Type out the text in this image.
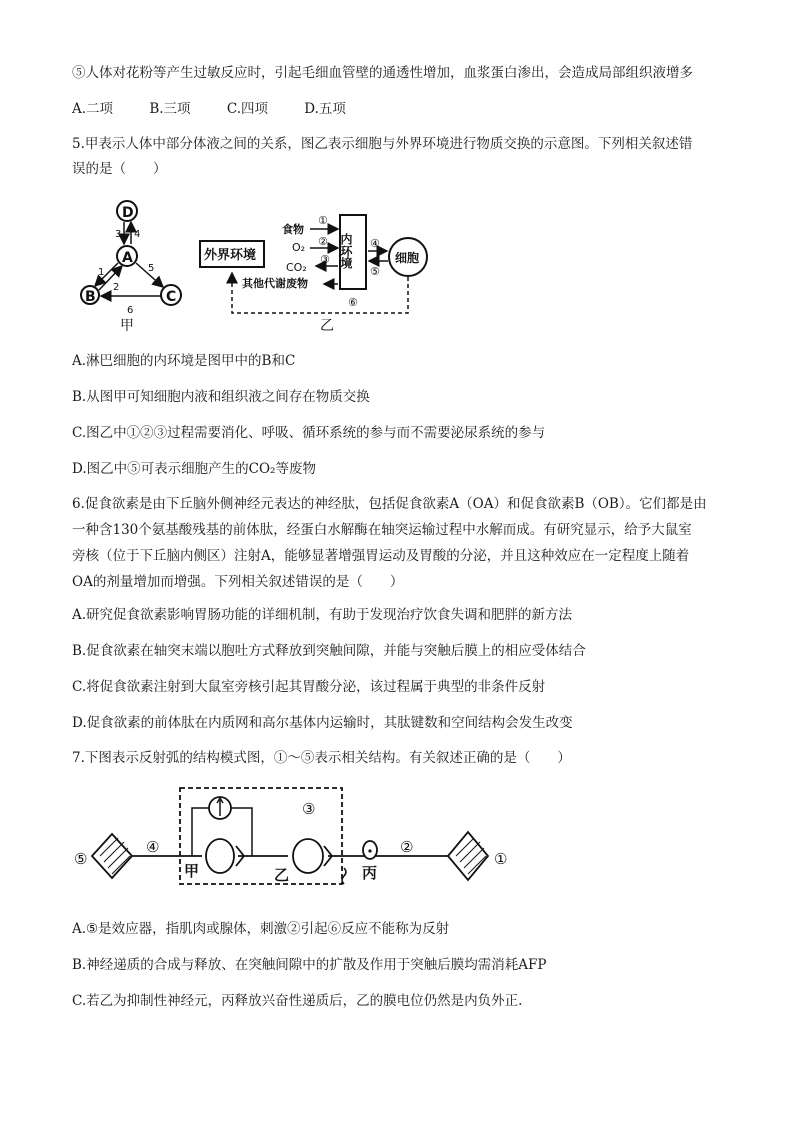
⑤人体对花粉等产生过敏反应时，引起毛细血管壁的通透性增加，血浆蛋白渗出，会造成局部组织液增多
A.二项	B.三项	C.四项	D.五项
5.甲表示人体中部分体液之间的关系，图乙表示细胞与外界环境进行物质交换的示意图。下列相关叙述错
误的是（　　）
D
A
B	C
3 4
1
2
5
6
甲
外界环境	内环境	细胞
食物
①
O₂ ②
CO₂
③
其他代谢废物
④
⑤
⑥
乙
A.淋巴细胞的内环境是图甲中的B和C
B.从图甲可知细胞内液和组织液之间存在物质交换
C.图乙中①②③过程需要消化、呼吸、循环系统的参与而不需要泌尿系统的参与
D.图乙中⑤可表示细胞产生的CO₂等废物
6.促食欲素是由下丘脑外侧神经元表达的神经肽，包括促食欲素A（OA）和促食欲素B（OB）。它们都是由
一种含130个氨基酸残基的前体肽，经蛋白水解酶在轴突运输过程中水解而成。有研究显示，给予大鼠室
旁核（位于下丘脑内侧区）注射A，能够显著增强胃运动及胃酸的分泌，并且这种效应在一定程度上随着
OA的剂量增加而增强。下列相关叙述错误的是（　　）
A.研究促食欲素影响胃肠功能的详细机制，有助于发现治疗饮食失调和肥胖的新方法
B.促食欲素在轴突末端以胞吐方式释放到突触间隙，并能与突触后膜上的相应受体结合
C.将促食欲素注射到大鼠室旁核引起其胃酸分泌，该过程属于典型的非条件反射
D.促食欲素的前体肽在内质网和高尔基体内运输时，其肽键数和空间结构会发生改变
7.下图表示反射弧的结构模式图，①～⑤表示相关结构。有关叙述正确的是（　　）
⑤
④
③
②
①
甲	乙	丙
A.⑤是效应器，指肌肉或腺体，刺激②引起⑥反应不能称为反射
B.神经递质的合成与释放、在突触间隙中的扩散及作用于突触后膜均需消耗AFP
C.若乙为抑制性神经元，丙释放兴奋性递质后，乙的膜电位仍然是内负外正.
